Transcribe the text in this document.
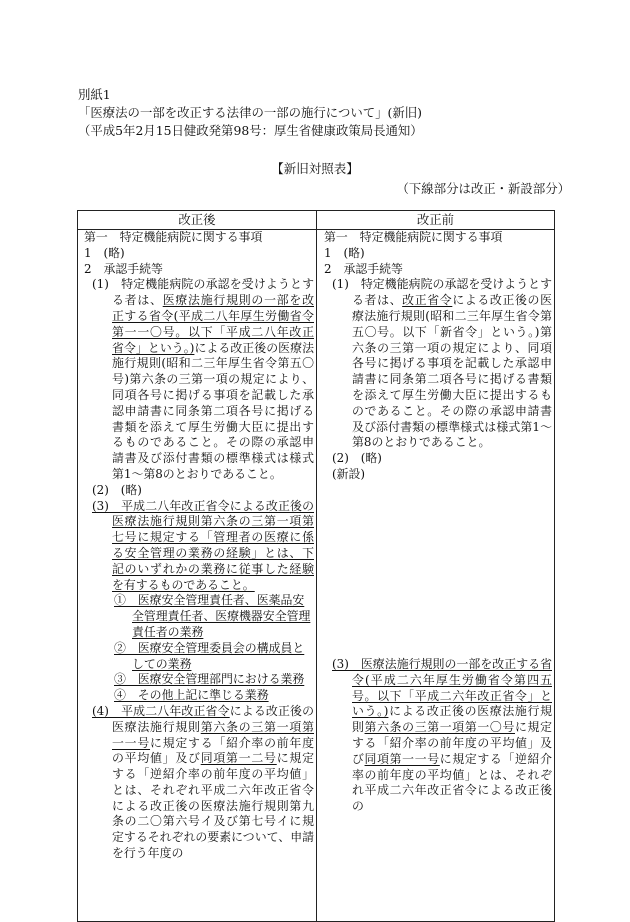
別紙1
「医療法の一部を改正する法律の一部の施行について」(新旧)
（平成5年2月15日健政発第98号：厚生省健康政策局長通知）
【新旧対照表】
（下線部分は改正・新設部分）
改正後	改正前

第一　特定機能病院に関する事項

1　(略)

2　承認手続等

(1)　特定機能病院の承認を受けようとする者は、医療法施行規則の一部を改正する省令(平成二八年厚生労働省令第一一〇号。以下「平成二八年改正省令」という。)による改正後の医療法施行規則(昭和二三年厚生省令第五〇号)第六条の三第一項の規定により、同項各号に掲げる事項を記載した承認申請書に同条第二項各号に掲げる書類を添えて厚生労働大臣に提出するものであること。その際の承認申請書及び添付書類の標準様式は様式第1～第8のとおりであること。

(2)　(略)

(3)　平成二八年改正省令による改正後の医療法施行規則第六条の三第一項第七号に規定する「管理者の医療に係る安全管理の業務の経験」とは、下記のいずれかの業務に従事した経験を有するものであること。

①　医療安全管理責任者、医薬品安全管理責任者、医療機器安全管理責任者の業務

②　医療安全管理委員会の構成員としての業務

③　医療安全管理部門における業務

④　その他上記に準じる業務

(4)　平成二八年改正省令による改正後の医療法施行規則第六条の三第一項第一一号に規定する「紹介率の前年度の平均値」及び同項第一二号に規定する「逆紹介率の前年度の平均値」とは、それぞれ平成二六年改正省令による改正後の医療法施行規則第九条の二〇第六号イ及び第七号イに規定するそれぞれの要素について、申請を行う年度の

第一　特定機能病院に関する事項

1　(略)

2　承認手続等

(1)　特定機能病院の承認を受けようとする者は、改正省令による改正後の医療法施行規則(昭和二三年厚生省令第五〇号。以下「新省令」という。)第六条の三第一項の規定により、同項各号に掲げる事項を記載した承認申請書に同条第二項各号に掲げる書類を添えて厚生労働大臣に提出するものであること。その際の承認申請書及び添付書類の標準様式は様式第1～第8のとおりであること。

(2)　(略)

(新設)

(3)　医療法施行規則の一部を改正する省令(平成二六年厚生労働省令第四五号。以下「平成二六年改正省令」という。)による改正後の医療法施行規則第六条の三第一項第一〇号に規定する「紹介率の前年度の平均値」及び同項第一一号に規定する「逆紹介率の前年度の平均値」とは、それぞれ平成二六年改正省令による改正後の
